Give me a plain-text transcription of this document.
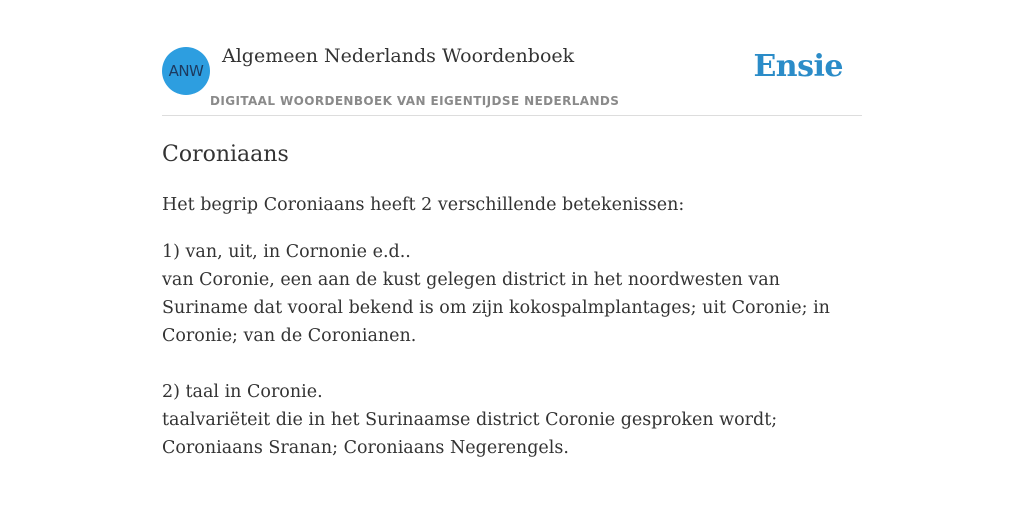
ANW
Algemeen Nederlands Woordenboek
DIGITAAL WOORDENBOEK VAN EIGENTIJDSE NEDERLANDS
Ensie
Coroniaans

Het begrip Coroniaans heeft 2 verschillende betekenissen:

1) van, uit, in Cornonie e.d..

van Coronie, een aan de kust gelegen district in het noordwesten van Suriname dat vooral bekend is om zijn kokospalmplantages; uit Coronie; in Coronie; van de Coronianen.

2) taal in Coronie.

taalvariëteit die in het Surinaamse district Coronie gesproken wordt; Coroniaans Sranan; Coroniaans Negerengels.
